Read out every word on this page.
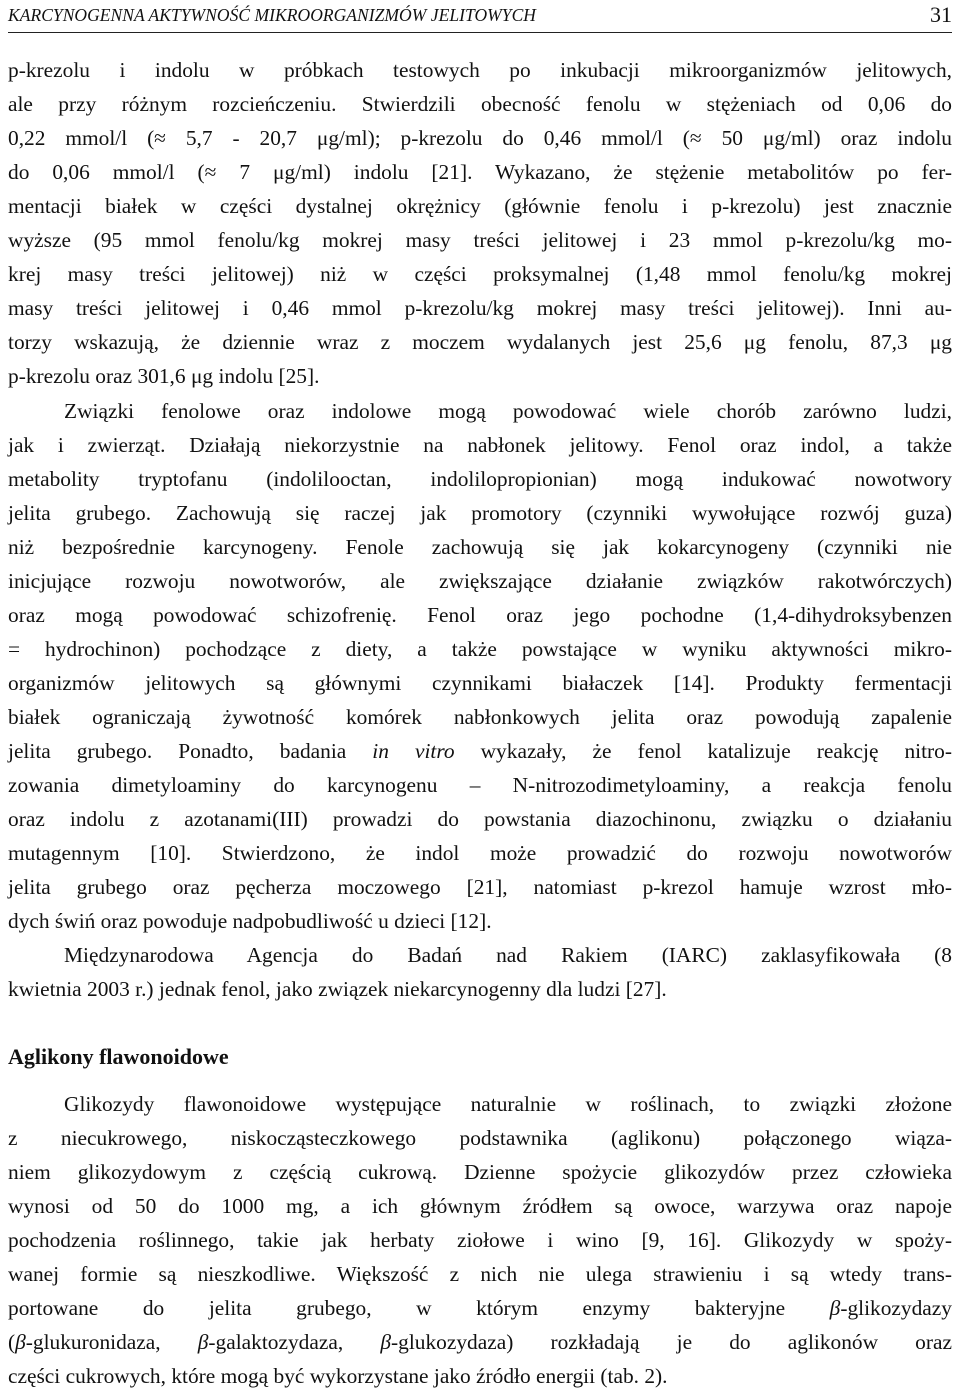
KARCYNOGENNA AKTYWNOŚĆ MIKROORGANIZMÓW JELITOWYCH	31
p-krezolu i indolu w próbkach testowych po inkubacji mikroorganizmów jelitowych,
ale przy różnym rozcieńczeniu. Stwierdzili obecność fenolu w stężeniach od 0,06 do
0,22 mmol/l (≈ 5,7 - 20,7 μg/ml); p-krezolu do 0,46 mmol/l (≈ 50 μg/ml) oraz indolu
do 0,06 mmol/l (≈ 7 μg/ml) indolu [21]. Wykazano, że stężenie metabolitów po fer-
mentacji białek w części dystalnej okrężnicy (głównie fenolu i p-krezolu) jest znacznie
wyższe (95 mmol fenolu/kg mokrej masy treści jelitowej i 23 mmol p-krezolu/kg mo-
krej masy treści jelitowej) niż w części proksymalnej (1,48 mmol fenolu/kg mokrej
masy treści jelitowej i 0,46 mmol p-krezolu/kg mokrej masy treści jelitowej). Inni au-
torzy wskazują, że dziennie wraz z moczem wydalanych jest 25,6 μg fenolu, 87,3 μg
p-krezolu oraz 301,6 μg indolu [25].
Związki fenolowe oraz indolowe mogą powodować wiele chorób zarówno ludzi,
jak i zwierząt. Działają niekorzystnie na nabłonek jelitowy. Fenol oraz indol, a także
metabolity tryptofanu (indolilooctan, indolilopropionian) mogą indukować nowotwory
jelita grubego. Zachowują się raczej jak promotory (czynniki wywołujące rozwój guza)
niż bezpośrednie karcynogeny. Fenole zachowują się jak kokarcynogeny (czynniki nie
inicjujące rozwoju nowotworów, ale zwiększające działanie związków rakotwórczych)
oraz mogą powodować schizofrenię. Fenol oraz jego pochodne (1,4-dihydroksybenzen
= hydrochinon) pochodzące z diety, a także powstające w wyniku aktywności mikro-
organizmów jelitowych są głównymi czynnikami białaczek [14]. Produkty fermentacji
białek ograniczają żywotność komórek nabłonkowych jelita oraz powodują zapalenie
jelita grubego. Ponadto, badania in vitro wykazały, że fenol katalizuje reakcję nitro-
zowania dimetyloaminy do karcynogenu – N-nitrozodimetyloaminy, a reakcja fenolu
oraz indolu z azotanami(III) prowadzi do powstania diazochinonu, związku o działaniu
mutagennym [10]. Stwierdzono, że indol może prowadzić do rozwoju nowotworów
jelita grubego oraz pęcherza moczowego [21], natomiast p-krezol hamuje wzrost mło-
dych świń oraz powoduje nadpobudliwość u dzieci [12].
Międzynarodowa Agencja do Badań nad Rakiem (IARC) zaklasyfikowała (8
kwietnia 2003 r.) jednak fenol, jako związek niekarcynogenny dla ludzi [27].
Aglikony flawonoidowe
Glikozydy flawonoidowe występujące naturalnie w roślinach, to związki złożone
z niecukrowego, niskocząsteczkowego podstawnika (aglikonu) połączonego wiąza-
niem glikozydowym z częścią cukrową. Dzienne spożycie glikozydów przez człowieka
wynosi od 50 do 1000 mg, a ich głównym źródłem są owoce, warzywa oraz napoje
pochodzenia roślinnego, takie jak herbaty ziołowe i wino [9, 16]. Glikozydy w spoży-
wanej formie są nieszkodliwe. Większość z nich nie ulega strawieniu i są wtedy trans-
portowane do jelita grubego, w którym enzymy bakteryjne β-glikozydazy
(β-glukuronidaza, β-galaktozydaza, β-glukozydaza) rozkładają je do aglikonów oraz
części cukrowych, które mogą być wykorzystane jako źródło energii (tab. 2).
